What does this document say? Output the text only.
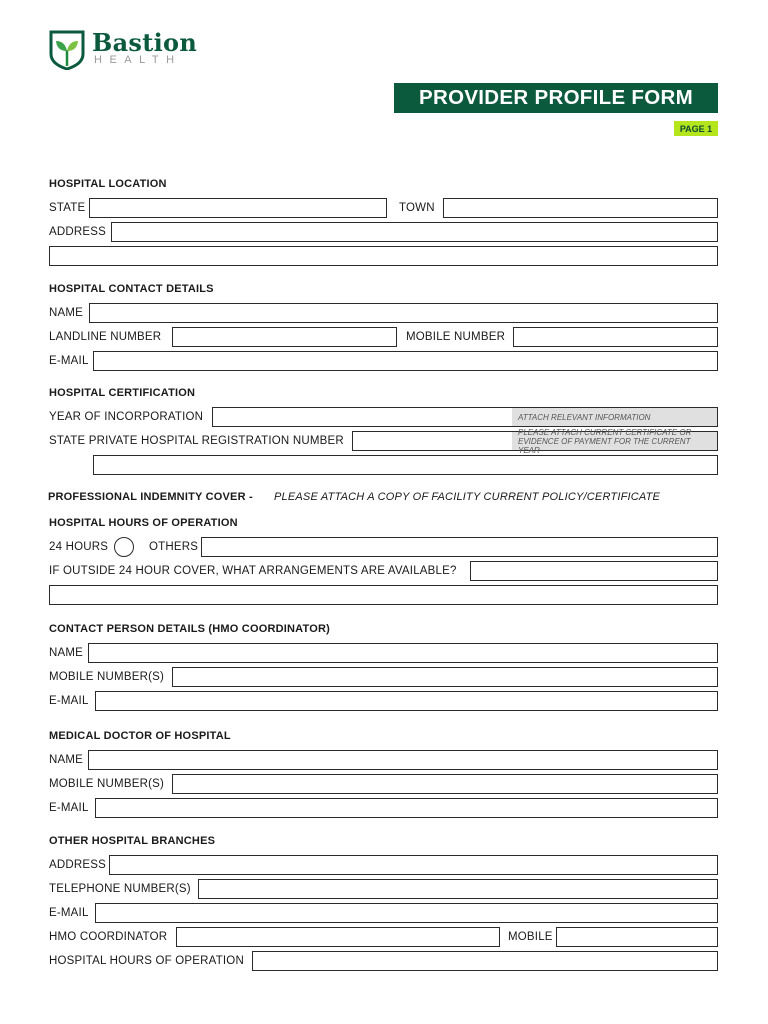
Bastion
HEALTH
PROVIDER PROFILE FORM
PAGE 1
HOSPITAL LOCATION
STATE	TOWN
ADDRESS
HOSPITAL CONTACT DETAILS
NAME
LANDLINE NUMBER	MOBILE NUMBER
E-MAIL
HOSPITAL CERTIFICATION
YEAR OF INCORPORATION	ATTACH RELEVANT INFORMATION
STATE PRIVATE HOSPITAL REGISTRATION NUMBER
PLEASE ATTACH CURRENT CERTIFICATE OR EVIDENCE OF PAYMENT FOR THE CURRENT YEAR
PROFESSIONAL INDEMNITY COVER - PLEASE ATTACH A COPY OF FACILITY CURRENT POLICY/CERTIFICATE
HOSPITAL HOURS OF OPERATION
24 HOURS	OTHERS
IF OUTSIDE 24 HOUR COVER, WHAT ARRANGEMENTS ARE AVAILABLE?
CONTACT PERSON DETAILS (HMO COORDINATOR)
NAME
MOBILE NUMBER(S)
E-MAIL
MEDICAL DOCTOR OF HOSPITAL
NAME
MOBILE NUMBER(S)
E-MAIL
OTHER HOSPITAL BRANCHES
ADDRESS
TELEPHONE NUMBER(S)
E-MAIL
HMO COORDINATOR	MOBILE
HOSPITAL HOURS OF OPERATION
